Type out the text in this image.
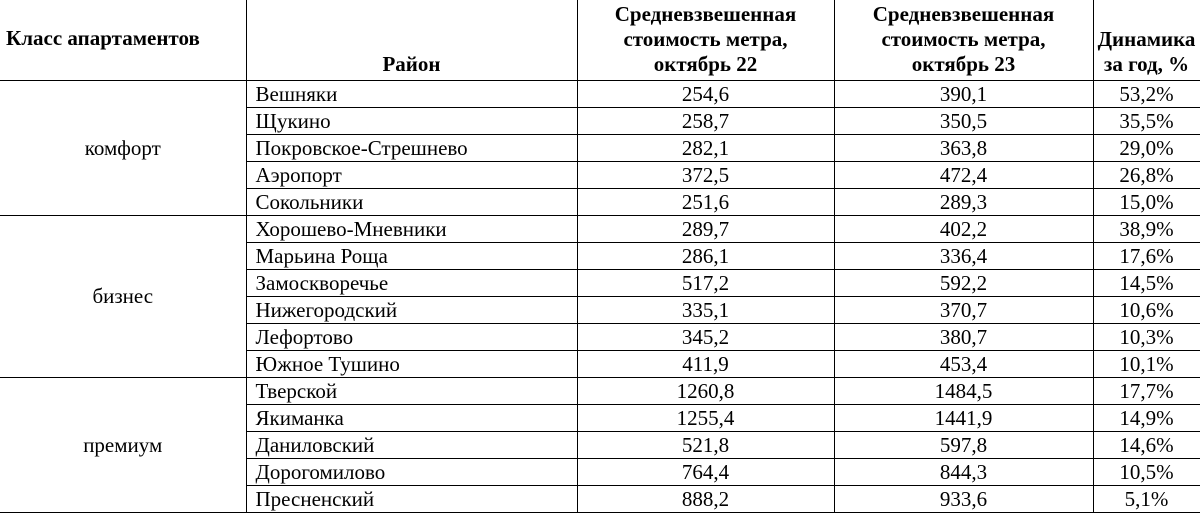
Класс апартаментов	Район	Средневзвешенная
стоимость метра,
октябрь 22	Средневзвешенная
стоимость метра,
октябрь 23	Динамика
за год, %
комфорт	Вешняки	254,6	390,1	53,2%
	Щукино	258,7	350,5	35,5%
	Покровское-Стрешнево	282,1	363,8	29,0%
	Аэропорт	372,5	472,4	26,8%
	Сокольники	251,6	289,3	15,0%
бизнес	Хорошево-Мневники	289,7	402,2	38,9%
	Марьина Роща	286,1	336,4	17,6%
	Замоскворечье	517,2	592,2	14,5%
	Нижегородский	335,1	370,7	10,6%
	Лефортово	345,2	380,7	10,3%
	Южное Тушино	411,9	453,4	10,1%
премиум	Тверской	1260,8	1484,5	17,7%
	Якиманка	1255,4	1441,9	14,9%
	Даниловский	521,8	597,8	14,6%
	Дорогомилово	764,4	844,3	10,5%
	Пресненский	888,2	933,6	5,1%
